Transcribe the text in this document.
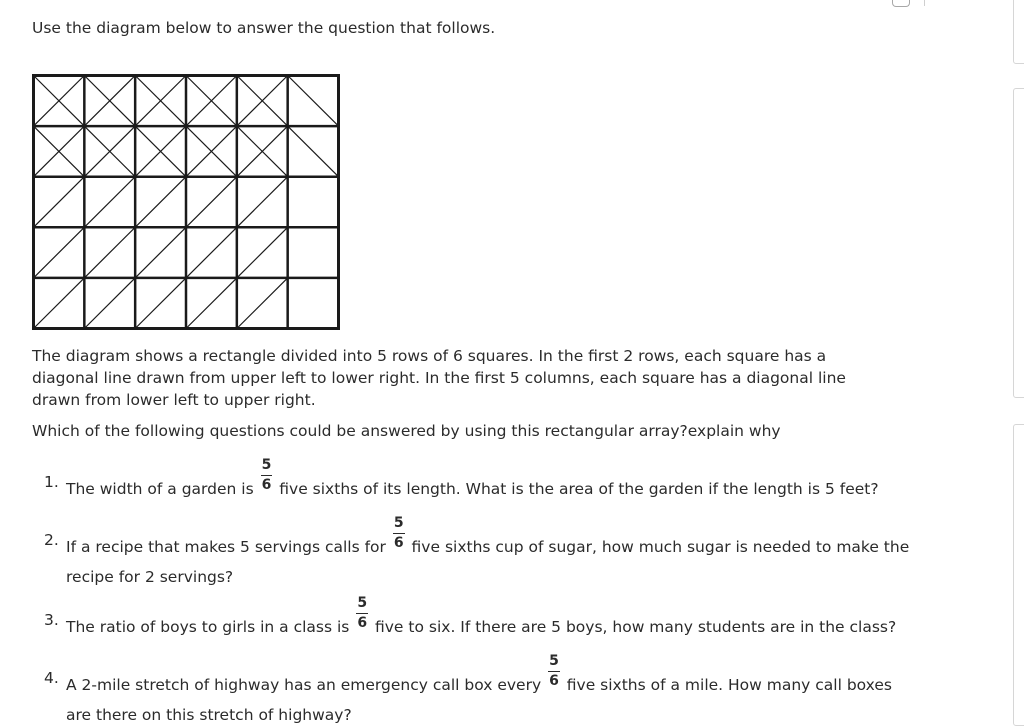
Use the diagram below to answer the question that follows.

The diagram shows a rectangle divided into 5 rows of 6 squares. In the first 2 rows, each square has a diagonal line drawn from upper left to lower right. In the first 5 columns, each square has a diagonal line drawn from lower left to upper right.

Which of the following questions could be answered by using this rectangular array?explain why

1. The width of a garden is $\frac{5}{6}$ five sixths of its length. What is the area of the garden if the length is 5 feet?
2. If a recipe that makes 5 servings calls for $\frac{5}{6}$ five sixths cup of sugar, how much sugar is needed to make the
recipe for 2 servings?
3. The ratio of boys to girls in a class is $\frac{5}{6}$ five to six. If there are 5 boys, how many students are in the class?
4. A 2-mile stretch of highway has an emergency call box every $\frac{5}{6}$ five sixths of a mile. How many call boxes
are there on this stretch of highway?
